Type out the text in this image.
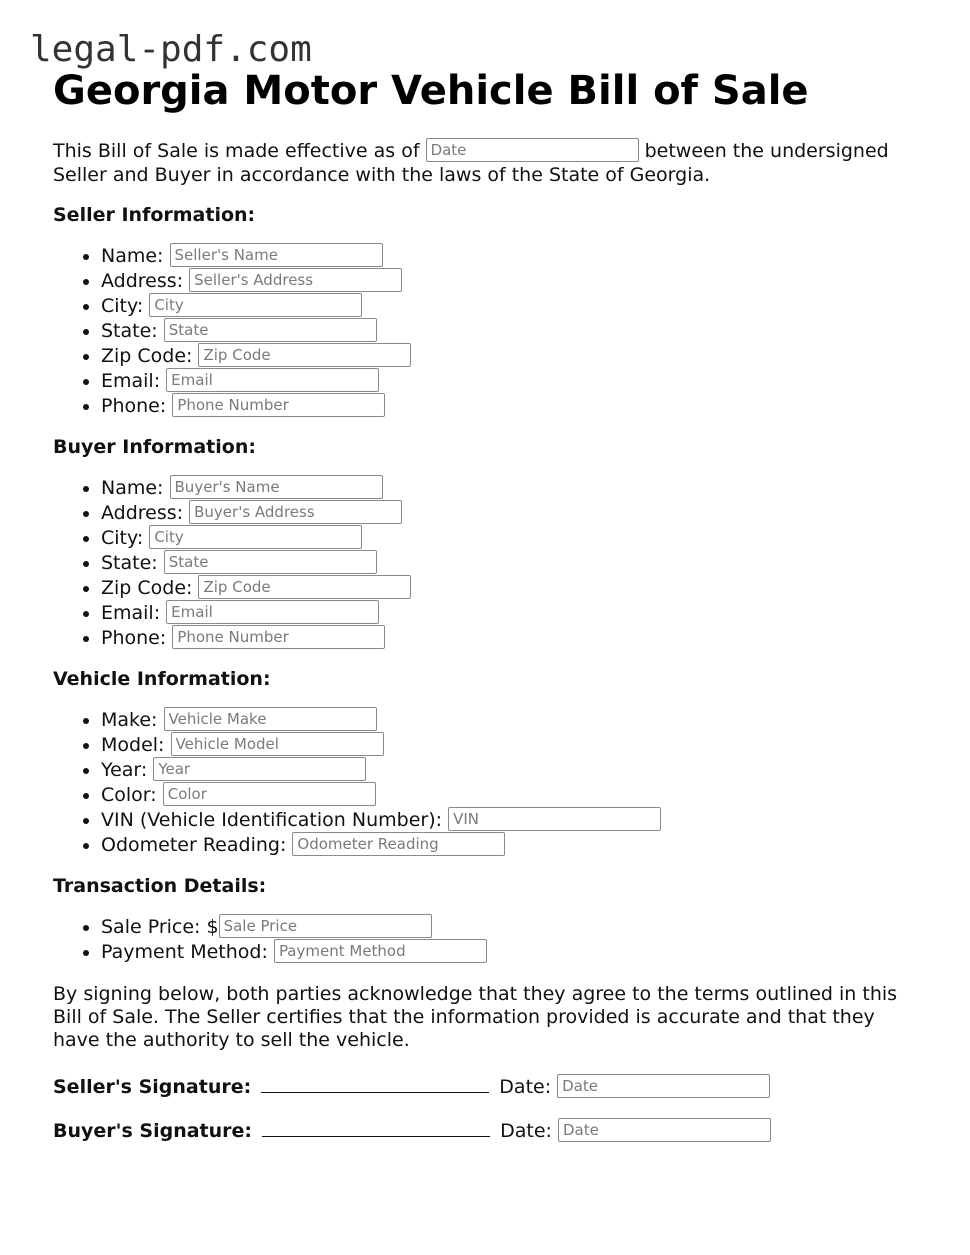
legal-pdf.com
Georgia Motor Vehicle Bill of Sale

This Bill of Sale is made effective as of Date	between the undersigned Seller and Buyer in accordance with the laws of the State of Georgia.

Seller Information:

• Name: Seller's Name
• Address: Seller's Address
• City: City
• State: State
• Zip Code: Zip Code
• Email: Email
• Phone: Phone Number

Buyer Information:

• Name: Buyer's Name
• Address: Buyer's Address
• City: City
• State: State
• Zip Code: Zip Code
• Email: Email
• Phone: Phone Number

Vehicle Information:

• Make: Vehicle Make
• Model: Vehicle Model
• Year: Year
• Color: Color
• VIN (Vehicle Identification Number): VIN
• Odometer Reading: Odometer Reading

Transaction Details:

• Sale Price: $Sale Price
• Payment Method: Payment Method

By signing below, both parties acknowledge that they agree to the terms outlined in this Bill of Sale. The Seller certifies that the information provided is accurate and that they have the authority to sell the vehicle.

Seller's Signature:	Date: Date
Buyer's Signature:	Date: Date
